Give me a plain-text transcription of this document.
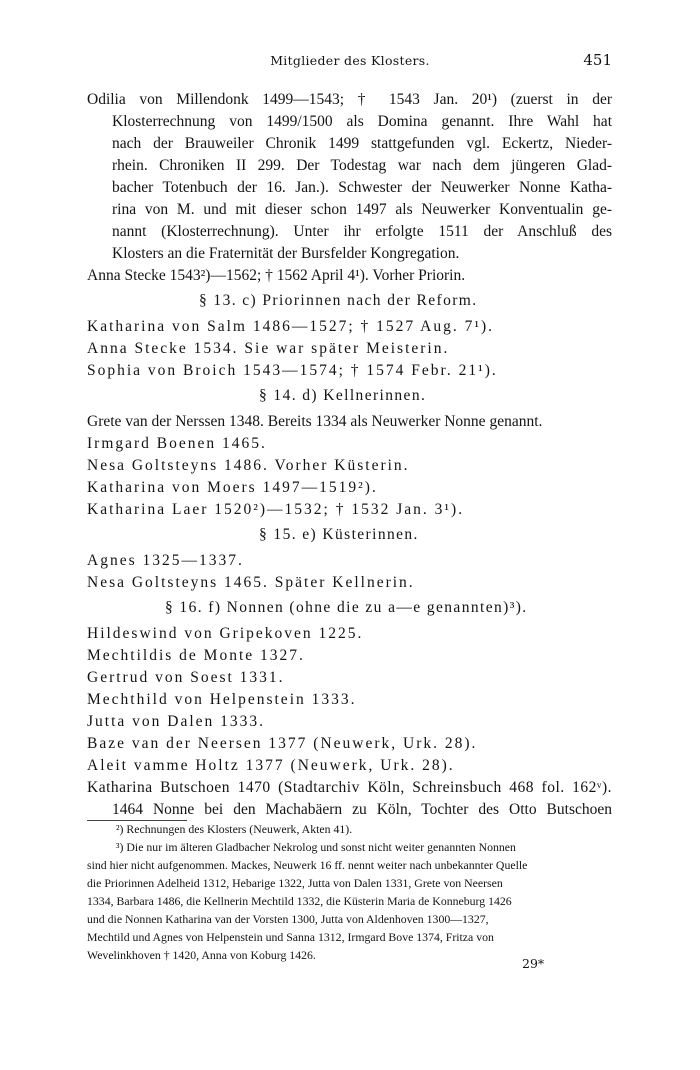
Mitglieder des Klosters.	451
Odilia von Millendonk 1499—1543; † 1543 Jan. 20¹) (zuerst in der
Klosterrechnung von 1499/1500 als Domina genannt. Ihre Wahl hat
nach der Brauweiler Chronik 1499 stattgefunden vgl. Eckertz, Nieder-
rhein. Chroniken II 299. Der Todestag war nach dem jüngeren Glad-
bacher Totenbuch der 16. Jan.). Schwester der Neuwerker Nonne Katha-
rina von M. und mit dieser schon 1497 als Neuwerker Konventualin ge-
nannt (Klosterrechnung). Unter ihr erfolgte 1511 der Anschluß des
Klosters an die Fraternität der Bursfelder Kongregation.
Anna Stecke 1543²)—1562; † 1562 April 4¹). Vorher Priorin.
§ 13. c) Priorinnen nach der Reform.
Katharina von Salm 1486—1527; † 1527 Aug. 7¹).
Anna Stecke 1534. Sie war später Meisterin.
Sophia von Broich 1543—1574; † 1574 Febr. 21¹).
§ 14. d) Kellnerinnen.
Grete van der Nerssen 1348. Bereits 1334 als Neuwerker Nonne genannt.
Irmgard Boenen 1465.
Nesa Goltsteyns 1486. Vorher Küsterin.
Katharina von Moers 1497—1519²).
Katharina Laer 1520²)—1532; † 1532 Jan. 3¹).
§ 15. e) Küsterinnen.
Agnes 1325—1337.
Nesa Goltsteyns 1465. Später Kellnerin.
§ 16. f) Nonnen (ohne die zu a—e genannten)³).
Hildeswind von Gripekoven 1225.
Mechtildis de Monte 1327.
Gertrud von Soest 1331.
Mechthild von Helpenstein 1333.
Jutta von Dalen 1333.
Baze van der Neersen 1377 (Neuwerk, Urk. 28).
Aleit vamme Holtz 1377 (Neuwerk, Urk. 28).
Katharina Butschoen 1470 (Stadtarchiv Köln, Schreinsbuch 468 fol. 162ᵛ).
1464 Nonne bei den Machabäern zu Köln, Tochter des Otto Butschoen
²) Rechnungen des Klosters (Neuwerk, Akten 41).
³) Die nur im älteren Gladbacher Nekrolog und sonst nicht weiter genannten Nonnen
sind hier nicht aufgenommen. Mackes, Neuwerk 16 ff. nennt weiter nach unbekannter Quelle
die Priorinnen Adelheid 1312, Hebarige 1322, Jutta von Dalen 1331, Grete von Neersen
1334, Barbara 1486, die Kellnerin Mechtild 1332, die Küsterin Maria de Konneburg 1426
und die Nonnen Katharina van der Vorsten 1300, Jutta von Aldenhoven 1300—1327,
Mechtild und Agnes von Helpenstein und Sanna 1312, Irmgard Bove 1374, Fritza von
Wevelinkhoven † 1420, Anna von Koburg 1426.
29*
